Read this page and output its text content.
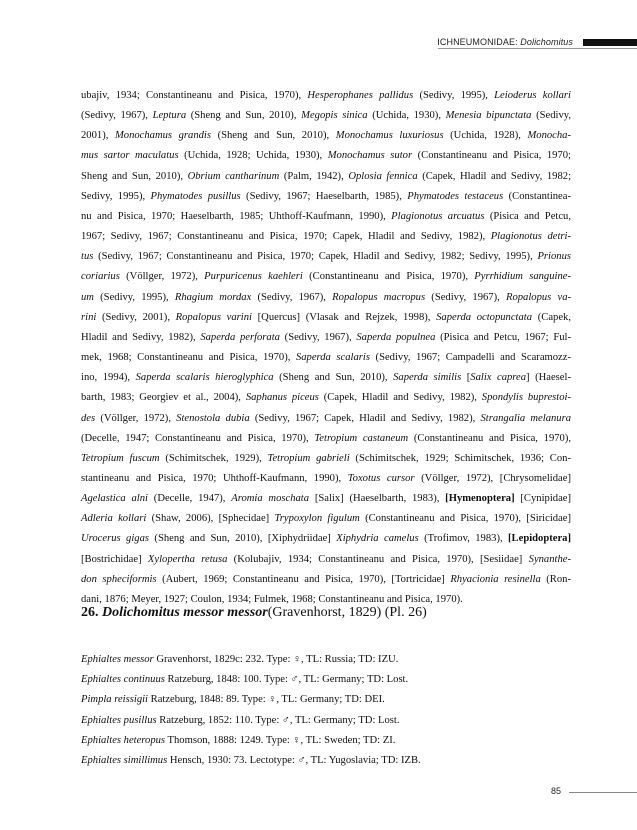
ICHNEUMONIDAE: Dolichomitus
ubajiv, 1934; Constantineanu and Pisica, 1970), Hesperophanes pallidus (Sedivy, 1995), Leioderus kollari
(Sedivy, 1967), Leptura (Sheng and Sun, 2010), Megopis sinica (Uchida, 1930), Menesia bipunctata (Sedivy,
2001), Monochamus grandis (Sheng and Sun, 2010), Monochamus luxuriosus (Uchida, 1928), Monocha-
mus sartor maculatus (Uchida, 1928; Uchida, 1930), Monochamus sutor (Constantineanu and Pisica, 1970;
Sheng and Sun, 2010), Obrium cantharinum (Palm, 1942), Oplosia fennica (Capek, Hladil and Sedivy, 1982;
Sedivy, 1995), Phymatodes pusillus (Sedivy, 1967; Haeselbarth, 1985), Phymatodes testaceus (Constantinea-
nu and Pisica, 1970; Haeselbarth, 1985; Uhthoff-Kaufmann, 1990), Plagionotus arcuatus (Pisica and Petcu,
1967; Sedivy, 1967; Constantineanu and Pisica, 1970; Capek, Hladil and Sedivy, 1982), Plagionotus detri-
tus (Sedivy, 1967; Constantineanu and Pisica, 1970; Capek, Hladil and Sedivy, 1982; Sedivy, 1995), Prionus
coriarius (Völlger, 1972), Purpuricenus kaehleri (Constantineanu and Pisica, 1970), Pyrrhidium sanguine-
um (Sedivy, 1995), Rhagium mordax (Sedivy, 1967), Ropalopus macropus (Sedivy, 1967), Ropalopus va-
rini (Sedivy, 2001), Ropalopus varini [Quercus] (Vlasak and Rejzek, 1998), Saperda octopunctata (Capek,
Hladil and Sedivy, 1982), Saperda perforata (Sedivy, 1967), Saperda populnea (Pisica and Petcu, 1967; Ful-
mek, 1968; Constantineanu and Pisica, 1970), Saperda scalaris (Sedivy, 1967; Campadelli and Scaramozz-
ino, 1994), Saperda scalaris hieroglyphica (Sheng and Sun, 2010), Saperda similis [Salix caprea] (Haesel-
barth, 1983; Georgiev et al., 2004), Saphanus piceus (Capek, Hladil and Sedivy, 1982), Spondylis buprestoi-
des (Völlger, 1972), Stenostola dubia (Sedivy, 1967; Capek, Hladil and Sedivy, 1982), Strangalia melanura
(Decelle, 1947; Constantineanu and Pisica, 1970), Tetropium castaneum (Constantineanu and Pisica, 1970),
Tetropium fuscum (Schimitschek, 1929), Tetropium gabrieli (Schimitschek, 1929; Schimitschek, 1936; Con-
stantineanu and Pisica, 1970; Uhthoff-Kaufmann, 1990), Toxotus cursor (Völlger, 1972), [Chrysomelidae]
Agelastica alni (Decelle, 1947), Aromia moschata [Salix] (Haeselbarth, 1983), [Hymenoptera] [Cynipidae]
Adleria kollari (Shaw, 2006), [Sphecidae] Trypoxylon figulum (Constantineanu and Pisica, 1970), [Siricidae]
Urocerus gigas (Sheng and Sun, 2010), [Xiphydriidae] Xiphydria camelus (Trofimov, 1983), [Lepidoptera]
[Bostrichidae] Xylopertha retusa (Kolubajiv, 1934; Constantineanu and Pisica, 1970), [Sesiidae] Synanthe-
don spheciformis (Aubert, 1969; Constantineanu and Pisica, 1970), [Tortricidae] Rhyacionia resinella (Ron-
dani, 1876; Meyer, 1927; Coulon, 1934; Fulmek, 1968; Constantineanu and Pisica, 1970).
26. Dolichomitus messor messor(Gravenhorst, 1829) (Pl. 26)
Ephialtes messor Gravenhorst, 1829c: 232. Type: ♀, TL: Russia; TD: IZU.
Ephialtes continuus Ratzeburg, 1848: 100. Type: ♂, TL: Germany; TD: Lost.
Pimpla reissigii Ratzeburg, 1848: 89. Type: ♀, TL: Germany; TD: DEI.
Ephialtes pusillus Ratzeburg, 1852: 110. Type: ♂, TL: Germany; TD: Lost.
Ephialtes heteropus Thomson, 1888: 1249. Type: ♀, TL: Sweden; TD: ZI.
Ephialtes simillimus Hensch, 1930: 73. Lectotype: ♂, TL: Yugoslavia; TD: IZB.
85
